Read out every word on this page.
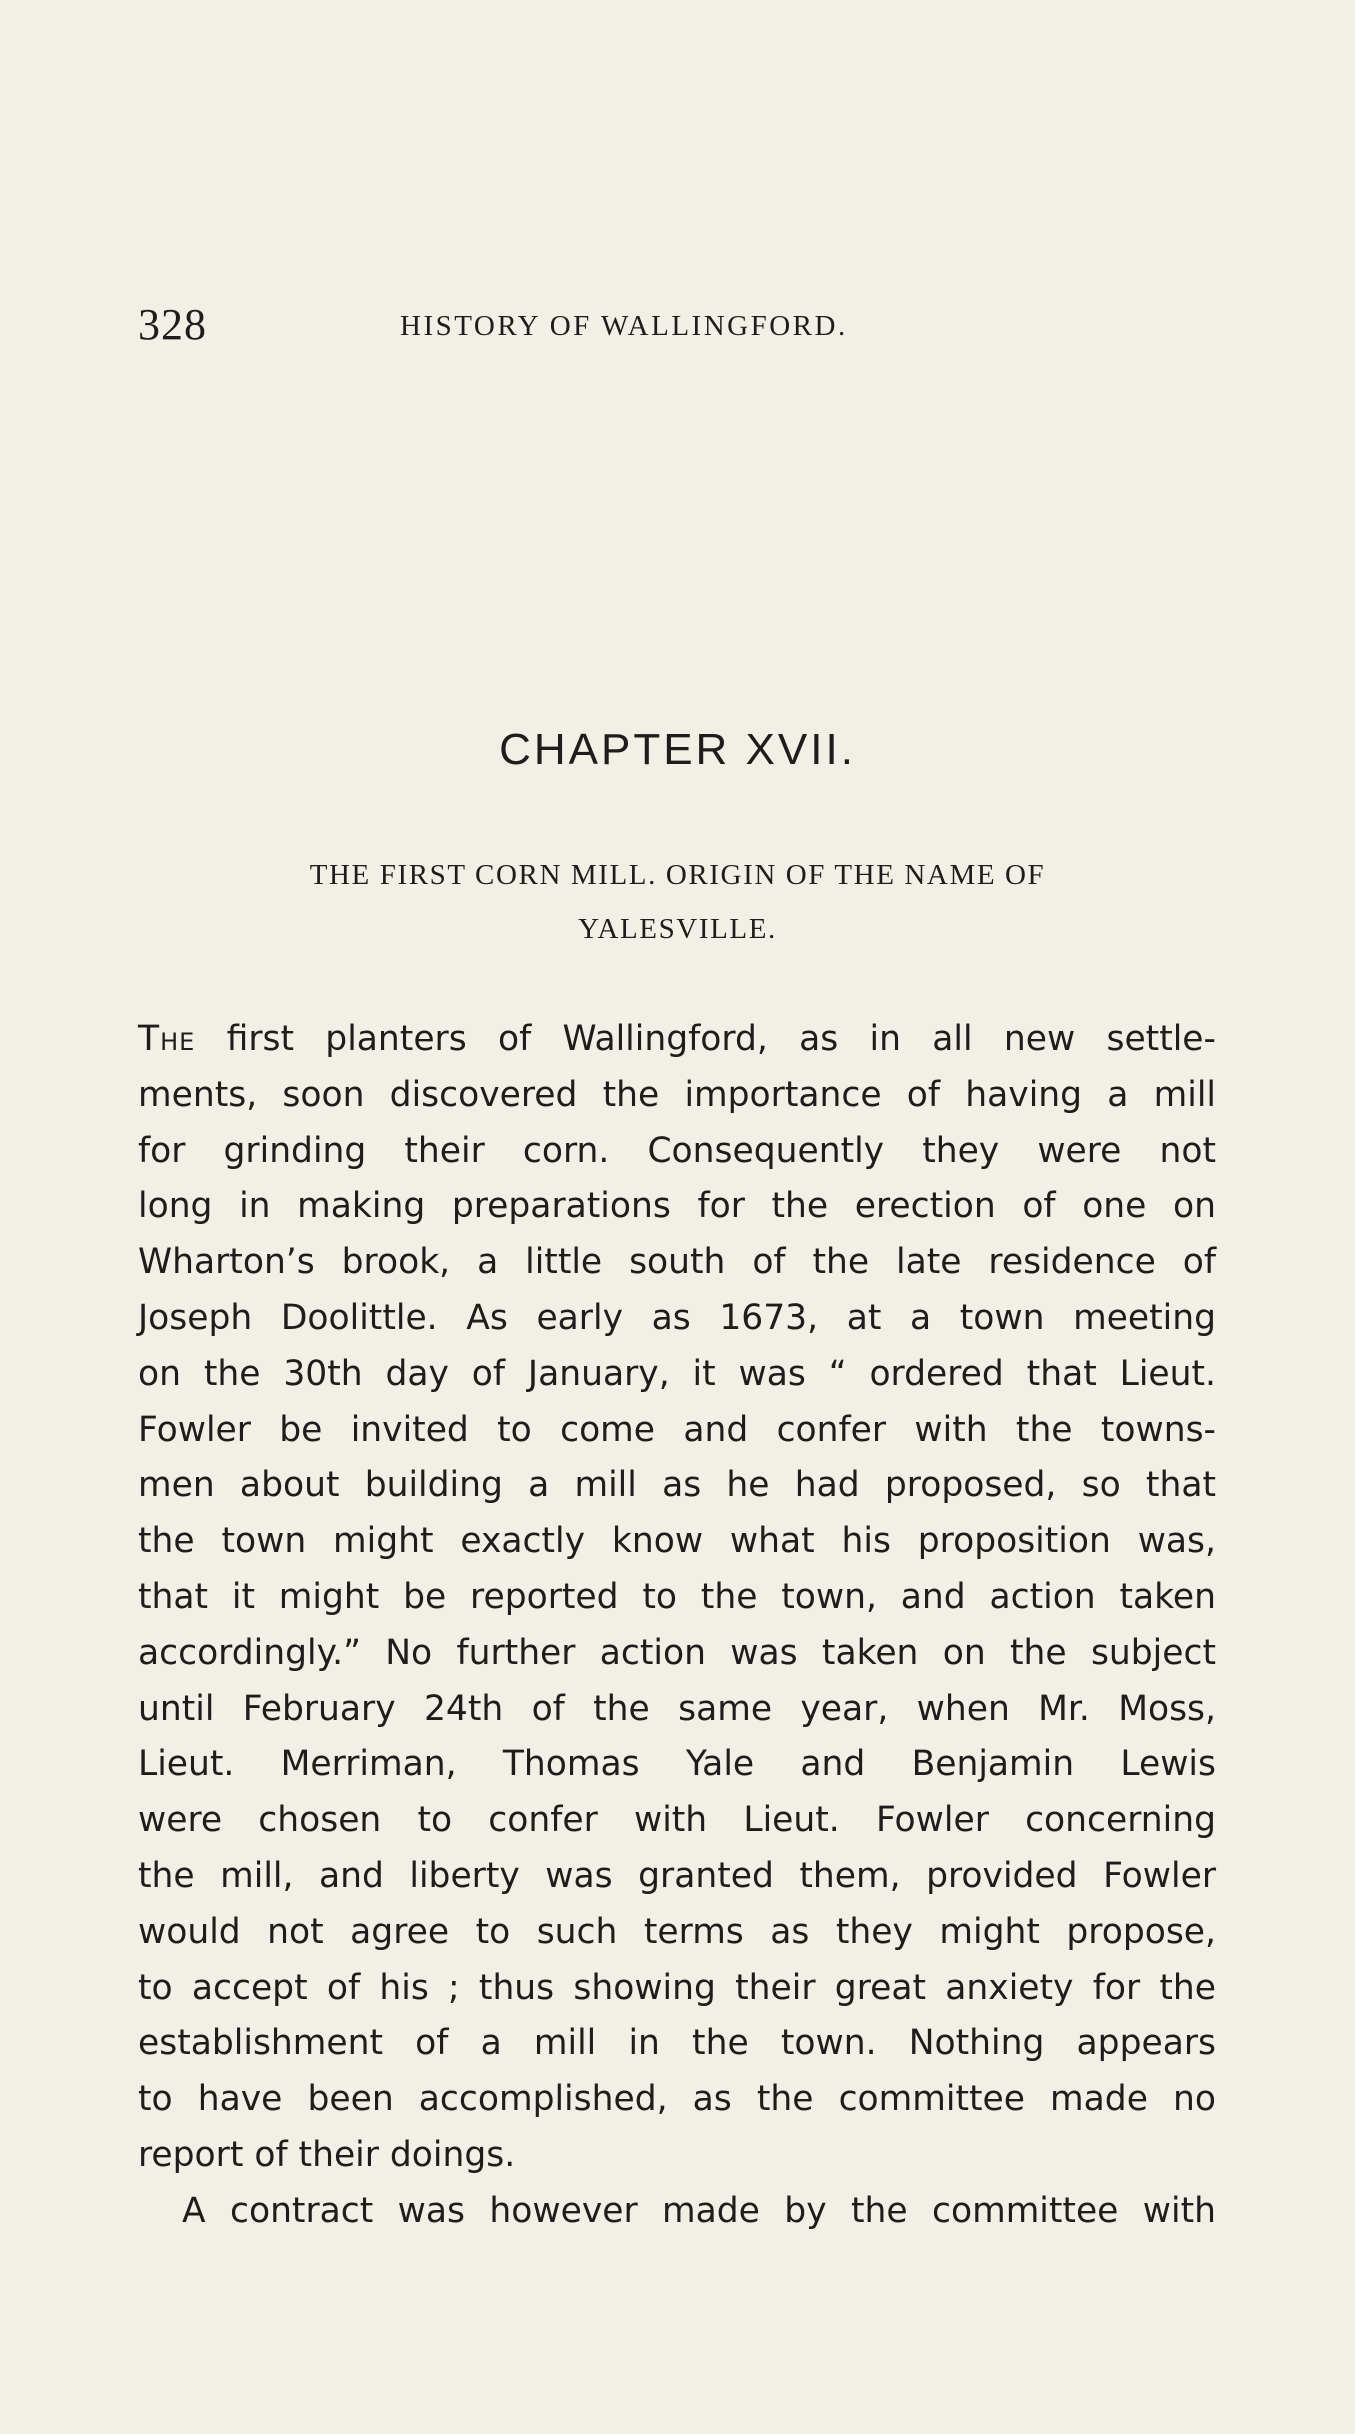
328	HISTORY OF WALLINGFORD.
CHAPTER XVII.
THE FIRST CORN MILL. ORIGIN OF THE NAME OF
YALESVILLE.
The first planters of Wallingford, as in all new settle-
ments, soon discovered the importance of having a mill
for grinding their corn. Consequently they were not
long in making preparations for the erection of one on
Wharton’s brook, a little south of the late residence of
Joseph Doolittle. As early as 1673, at a town meeting
on the 30th day of January, it was “ ordered that Lieut.
Fowler be invited to come and confer with the towns-
men about building a mill as he had proposed, so that
the town might exactly know what his proposition was,
that it might be reported to the town, and action taken
accordingly.” No further action was taken on the subject
until February 24th of the same year, when Mr. Moss,
Lieut. Merriman, Thomas Yale and Benjamin Lewis
were chosen to confer with Lieut. Fowler concerning
the mill, and liberty was granted them, provided Fowler
would not agree to such terms as they might propose,
to accept of his ; thus showing their great anxiety for the
establishment of a mill in the town. Nothing appears
to have been accomplished, as the committee made no
report of their doings.
A contract was however made by the committee with
